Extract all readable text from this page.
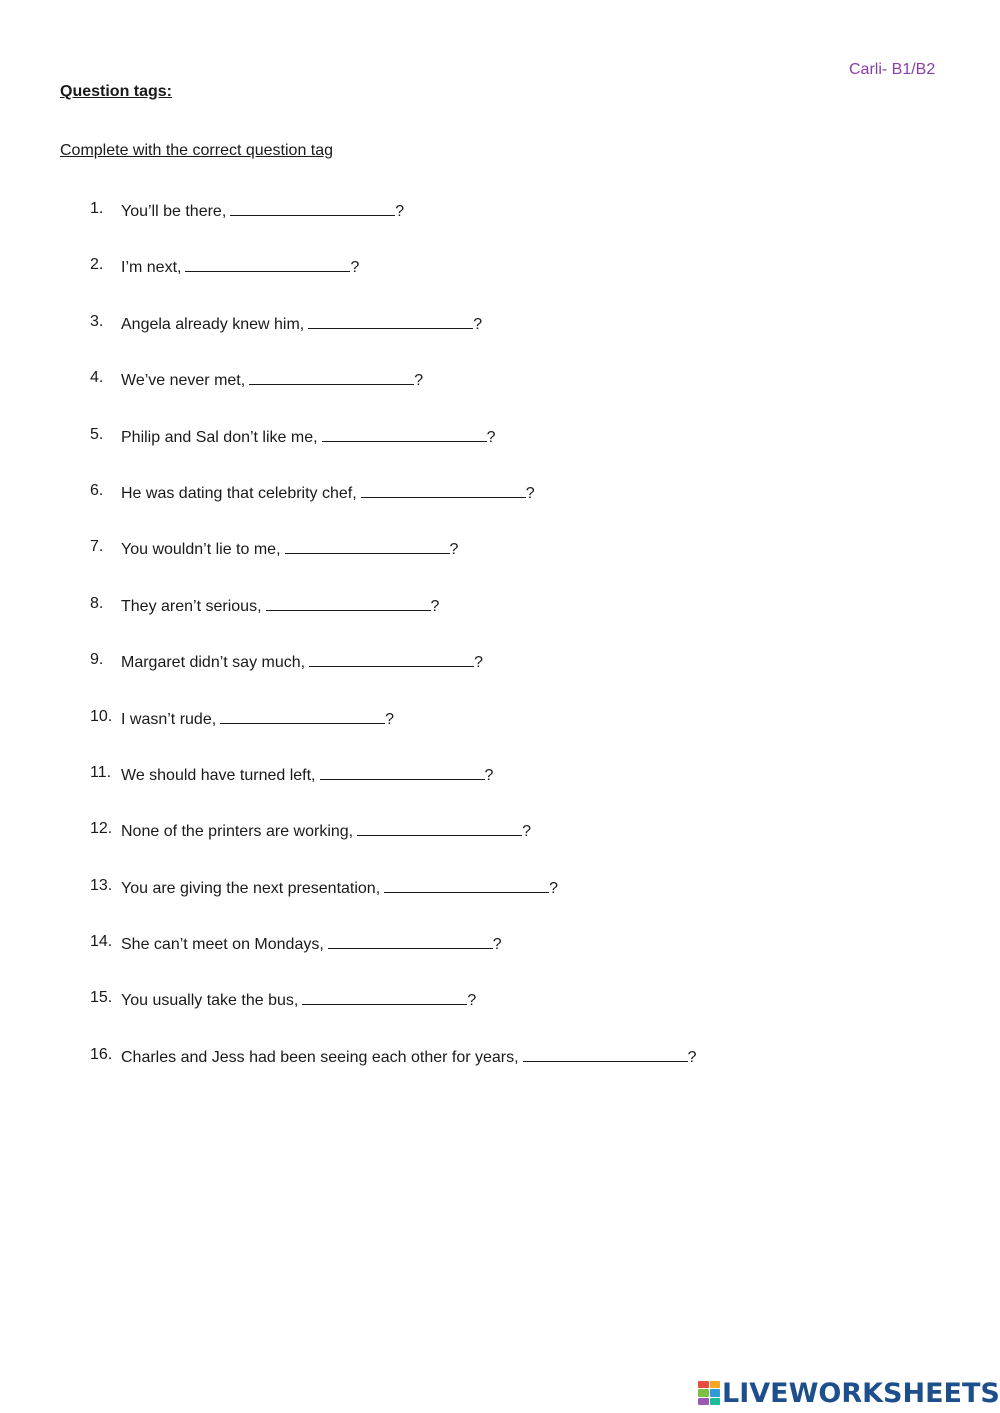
Carli- B1/B2
Question tags:
Complete with the correct question tag
1. You’ll be there,	?
2. I’m next,	?
3. Angela already knew him,	?
4. We’ve never met,	?
5. Philip and Sal don’t like me,	?
6. He was dating that celebrity chef,	?
7. You wouldn’t lie to me,	?
8. They aren’t serious,	?
9. Margaret didn’t say much,	?
10. I wasn’t rude,	?
11. We should have turned left,	?
12. None of the printers are working,	?
13. You are giving the next presentation,	?
14. She can’t meet on Mondays,	?
15. You usually take the bus,	?
16. Charles and Jess had been seeing each other for years,	?
LIVEWORKSHEETS
